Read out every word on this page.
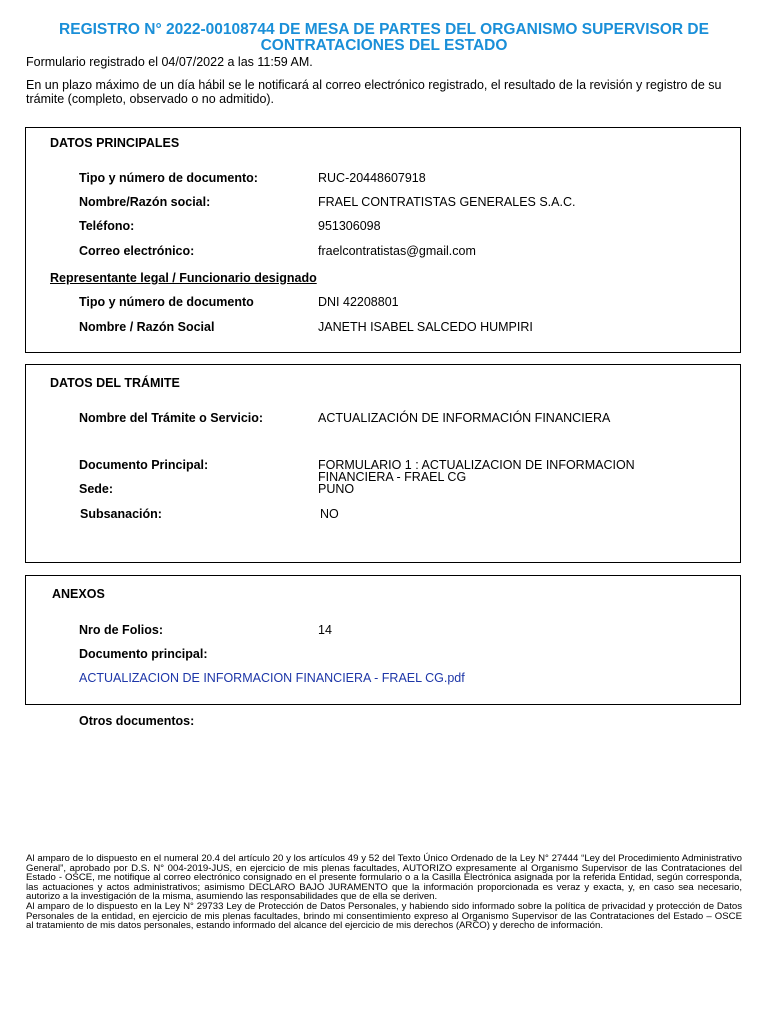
REGISTRO N° 2022-00108744 DE MESA DE PARTES DEL ORGANISMO SUPERVISOR DE CONTRATACIONES DEL ESTADO

Formulario registrado el 04/07/2022 a las 11:59 AM.

En un plazo máximo de un día hábil se le notificará al correo electrónico registrado, el resultado de la revisión y registro de su trámite (completo, observado o no admitido).

DATOS PRINCIPALES

Tipo y número de documento:	RUC-20448607918

Nombre/Razón social:	FRAEL CONTRATISTAS GENERALES S.A.C.

Teléfono:	951306098

Correo electrónico:	fraelcontratistas@gmail.com

Representante legal / Funcionario designado

Tipo y número de documento	DNI 42208801

Nombre / Razón Social	JANETH ISABEL SALCEDO HUMPIRI

DATOS DEL TRÁMITE

Nombre del Trámite o Servicio:	ACTUALIZACIÓN DE INFORMACIÓN FINANCIERA

Documento Principal:	FORMULARIO 1 : ACTUALIZACION DE INFORMACION

FINANCIERA - FRAEL CG

Sede:	PUNO

Subsanación:	NO

ANEXOS

Nro de Folios:	14

Documento principal:

ACTUALIZACION DE INFORMACION FINANCIERA - FRAEL CG.pdf

Otros documentos:

Al amparo de lo dispuesto en el numeral 20.4 del artículo 20 y los artículos 49 y 52 del Texto Único Ordenado de la Ley N° 27444 “Ley del Procedimiento Administrativo General”, aprobado por D.S. N° 004-2019-JUS, en ejercicio de mis plenas facultades, AUTORIZO expresamente al Organismo Supervisor de las Contrataciones del Estado - OSCE, me notifique al correo electrónico consignado en el presente formulario o a la Casilla Electrónica asignada por la referida Entidad, según corresponda, las actuaciones y actos administrativos; asimismo DECLARO BAJO JURAMENTO que la información proporcionada es veraz y exacta, y, en caso sea necesario, autorizo a la investigación de la misma, asumiendo las responsabilidades que de ella se deriven.

Al amparo de lo dispuesto en la Ley N° 29733 Ley de Protección de Datos Personales, y habiendo sido informado sobre la política de privacidad y protección de Datos Personales de la entidad, en ejercicio de mis plenas facultades, brindo mi consentimiento expreso al Organismo Supervisor de las Contrataciones del Estado – OSCE al tratamiento de mis datos personales, estando informado del alcance del ejercicio de mis derechos (ARCO) y derecho de información.
